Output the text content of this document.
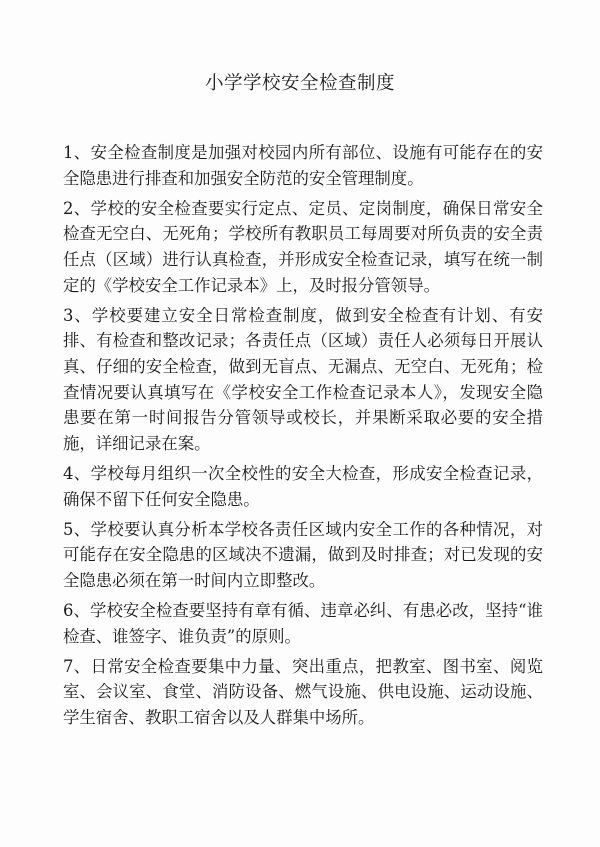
小学学校安全检查制度

1、安全检查制度是加强对校园内所有部位、设施有可能存在的安全隐患进行排查和加强安全防范的安全管理制度。

2、学校的安全检查要实行定点、定员、定岗制度，确保日常安全检查无空白、无死角；学校所有教职员工每周要对所负责的安全责任点（区域）进行认真检查，并形成安全检查记录，填写在统一制定的《学校安全工作记录本》上，及时报分管领导。

3、学校要建立安全日常检查制度，做到安全检查有计划、有安排、有检查和整改记录；各责任点（区域）责任人必须每日开展认真、仔细的安全检查，做到无盲点、无漏点、无空白、无死角；检查情况要认真填写在《学校安全工作检查记录本人》，发现安全隐患要在第一时间报告分管领导或校长，并果断采取必要的安全措施，详细记录在案。

4、学校每月组织一次全校性的安全大检查，形成安全检查记录，确保不留下任何安全隐患。

5、学校要认真分析本学校各责任区域内安全工作的各种情况，对可能存在安全隐患的区域决不遗漏，做到及时排查；对已发现的安全隐患必须在第一时间内立即整改。

6、学校安全检查要坚持有章有循、违章必纠、有患必改，坚持“谁检查、谁签字、谁负责”的原则。

7、日常安全检查要集中力量、突出重点，把教室、图书室、阅览室、会议室、食堂、消防设备、燃气设施、供电设施、运动设施、学生宿舍、教职工宿舍以及人群集中场所。
